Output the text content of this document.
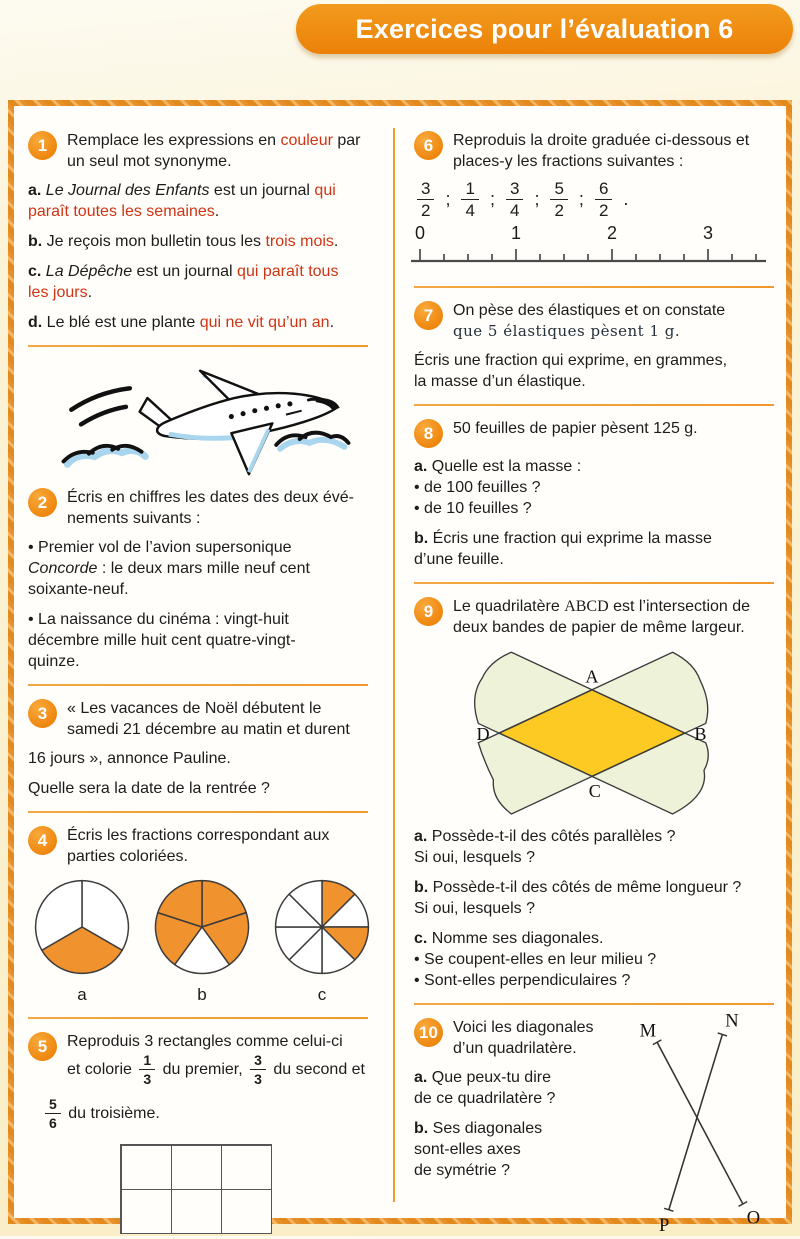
Exercices pour l’évaluation 6
1	Remplace les expressions en couleur par
un seul mot synonyme.

a. Le Journal des Enfants est un journal qui
paraît toutes les semaines.

b. Je reçois mon bulletin tous les trois mois.

c. La Dépêche est un journal qui paraît tous
les jours.

d. Le blé est une plante qui ne vit qu’un an.

2	Écris en chiffres les dates des deux évé-
nements suivants :

• Premier vol de l’avion supersonique
Concorde : le deux mars mille neuf cent
soixante-neuf.

• La naissance du cinéma : vingt-huit
décembre mille huit cent quatre-vingt-
quinze.

3	« Les vacances de Noël débutent le
samedi 21 décembre au matin et durent

16 jours », annonce Pauline.

Quelle sera la date de la rentrée ?

4	Écris les fractions correspondant aux
parties coloriées.
a	b	c
5	Reproduis 3 rectangles comme celui-ci
et colorie $\frac{1}{3}$ du premier, $\frac{3}{3}$ du second et

$\frac{5}{6}$ du troisième.

6	Reproduis la droite graduée ci-dessous et
places-y les fractions suivantes :
$\frac{3}{2}$ ; $\frac{1}{4}$ ; $\frac{3}{4}$ ; $\frac{5}{2}$ ; $\frac{6}{2}$ .
0	1	2	3
7	On pèse des élastiques et on constate
que 5 élastiques pèsent 1 g.

Écris une fraction qui exprime, en grammes,
la masse d’un élastique.

8	50 feuilles de papier pèsent 125 g.

a. Quelle est la masse :
• de 100 feuilles ?
• de 10 feuilles ?

b. Écris une fraction qui exprime la masse
d’une feuille.

9	Le quadrilatère ABCD est l’intersection de
deux bandes de papier de même largeur.
A
B
C
D

a. Possède-t-il des côtés parallèles ?
Si oui, lesquels ?

b. Possède-t-il des côtés de même longueur ?
Si oui, lesquels ?

c. Nomme ses diagonales.
• Se coupent-elles en leur milieu ?
• Sont-elles perpendiculaires ?

10 Voici les diagonales
d’un quadrilatère.

a. Que peux-tu dire
de ce quadrilatère ?

b. Ses diagonales
sont-elles axes
de symétrie ?

M	N
P	O
